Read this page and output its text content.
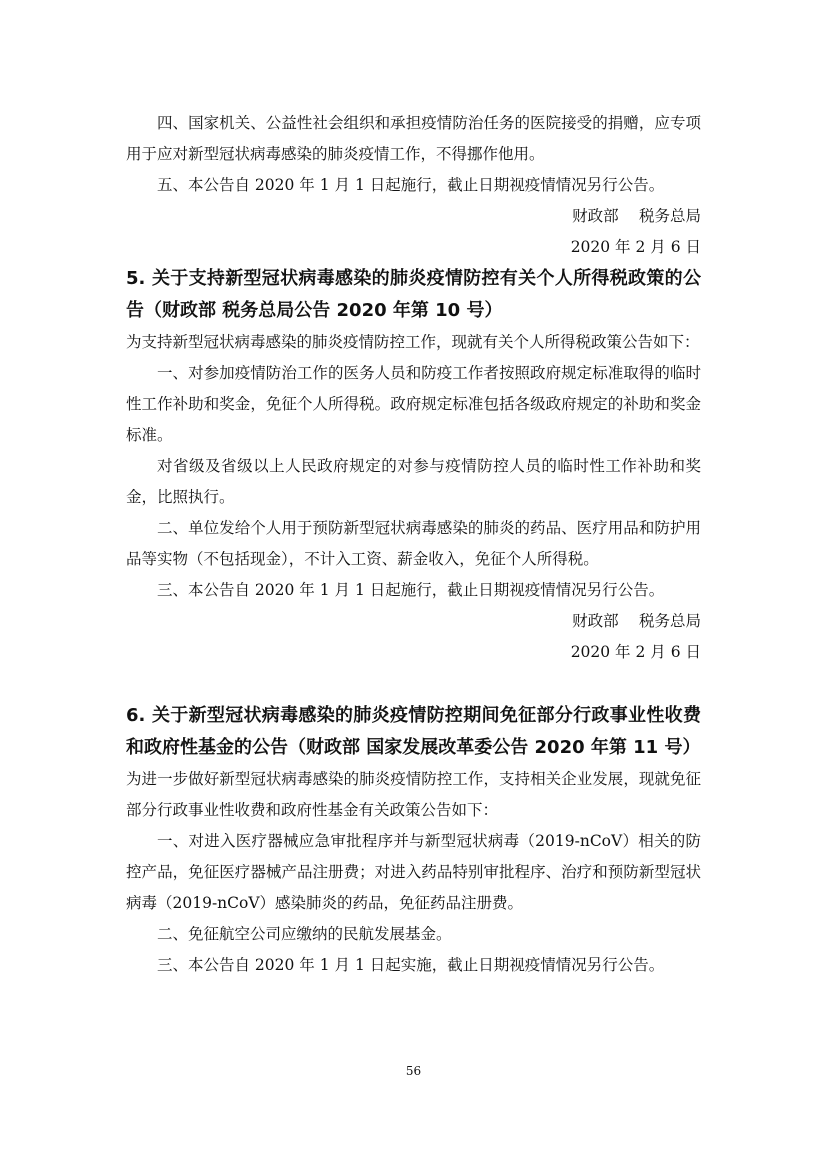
四、国家机关、公益性社会组织和承担疫情防治任务的医院接受的捐赠，应专项用于应对新型冠状病毒感染的肺炎疫情工作，不得挪作他用。

五、本公告自 2020 年 1 月 1 日起施行，截止日期视疫情情况另行公告。

财政部　 税务总局

2020 年 2 月 6 日

5. 关于支持新型冠状病毒感染的肺炎疫情防控有关个人所得税政策的公告（财政部 税务总局公告 2020 年第 10 号）

为支持新型冠状病毒感染的肺炎疫情防控工作，现就有关个人所得税政策公告如下：

一、对参加疫情防治工作的医务人员和防疫工作者按照政府规定标准取得的临时性工作补助和奖金，免征个人所得税。政府规定标准包括各级政府规定的补助和奖金标准。

对省级及省级以上人民政府规定的对参与疫情防控人员的临时性工作补助和奖金，比照执行。

二、单位发给个人用于预防新型冠状病毒感染的肺炎的药品、医疗用品和防护用品等实物（不包括现金），不计入工资、薪金收入，免征个人所得税。

三、本公告自 2020 年 1 月 1 日起施行，截止日期视疫情情况另行公告。

财政部　 税务总局

2020 年 2 月 6 日

6. 关于新型冠状病毒感染的肺炎疫情防控期间免征部分行政事业性收费和政府性基金的公告（财政部 国家发展改革委公告 2020 年第 11 号）

为进一步做好新型冠状病毒感染的肺炎疫情防控工作，支持相关企业发展，现就免征部分行政事业性收费和政府性基金有关政策公告如下：

一、对进入医疗器械应急审批程序并与新型冠状病毒（2019-nCoV）相关的防控产品，免征医疗器械产品注册费；对进入药品特别审批程序、治疗和预防新型冠状病毒（2019-nCoV）感染肺炎的药品，免征药品注册费。

二、免征航空公司应缴纳的民航发展基金。

三、本公告自 2020 年 1 月 1 日起实施，截止日期视疫情情况另行公告。

56
